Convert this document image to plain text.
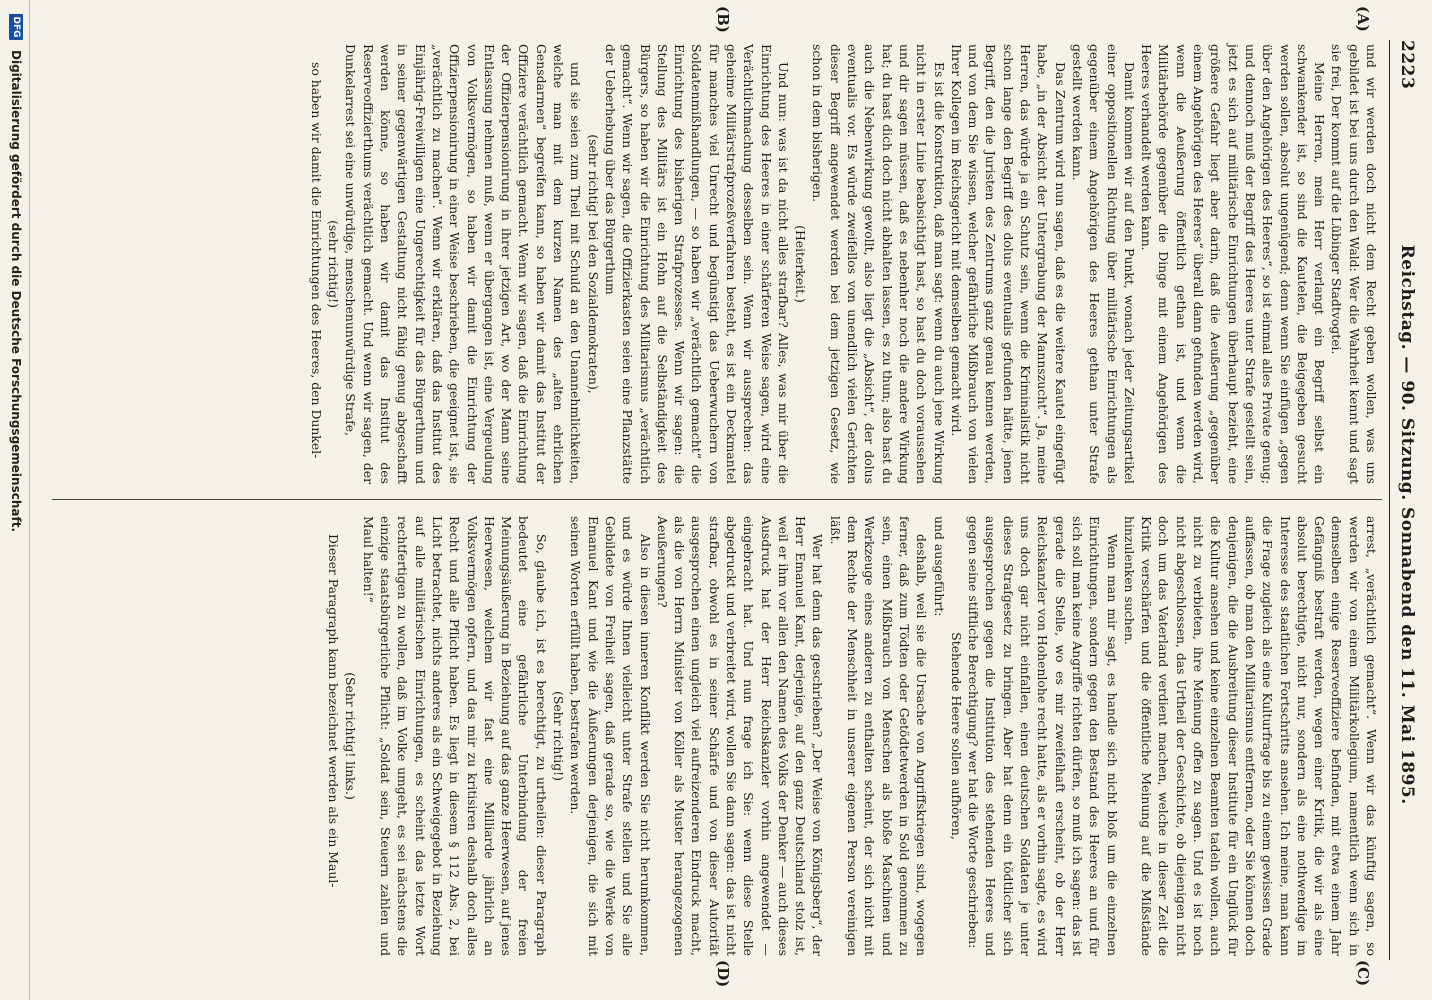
2223
Reichstag. — 90. Sitzung. Sonnabend den 11. Mai 1895.
(A)
(B)
(C)
(D)

und wir werden doch nicht dem Recht geben wollen, was uns gebildet ist bei uns durch den Wald: Wer die Wahrheit kennt und sagt sie frei, Der kommt auf die Lübinger Stadtvogtei.

Meine Herren, mein Herr verlangt ein Begriff selbst ein schwankender ist, so sind die Kautelen, die Beigegeben gesucht werden sollen, absolut ungenügend; denn wenn Sie einfügen „gegen über den Angehörigen des Heeres“, so ist einmal alles Private genug; und dennoch muß der Begriff des Heeres unter Strafe gestellt sein, jetzt es sich auf militärische Einrichtungen überhaupt bezieht, eine größere Gefahr liegt aber darin, daß die Aeußerung „gegenüber einem Angehörigen des Heeres“ überall dann gefunden werden wird, wenn die Aeußerung öffentlich gethan ist, und wenn die Militärbehörde gegenüber die Dinge mit einem Angehörigen des Heeres verhandelt werden kann.

Damit kommen wir auf den Punkt, wonach jeder Zeitungsartikel einer oppositionellen Richtung über militärische Einrichtungen als gegenüber einem Angehörigen des Heeres gethan unter Strafe gestellt werden kann.

Das Zentrum wird nun sagen, daß es die weitere Kautel eingefügt habe, „in der Absicht der Untergrabung der Mannszucht“. Ja, meine Herren, das würde ja ein Schutz sein, wenn die Kriminalistik nicht schon lange den Begriff des dolus eventualis gefunden hätte, jenen Begriff, den die Juristen des Zentrums ganz genau kennen werden, und von dem Sie wissen, welcher gefährliche Mißbrauch von vielen Ihrer Kollegen im Reichsgericht mit demselben gemacht wird.

Es ist die Konstruktion, daß man sagt: wenn du auch jene Wirkung nicht in erster Linie beabsichtigt hast, so hast du doch voraussehen und dir sagen müssen, daß es nebenher noch die andere Wirkung hat; du hast dich doch nicht abhalten lassen, es zu thun; also hast du auch die Nebenwirkung gewollt, also liegt die „Absicht“, der dolus eventualis vor. Es würde zweifellos von unendlich vielen Gerichten dieser Begriff angewendet werden bei dem jetzigen Gesetz, wie schon in dem bisherigen.

(Heiterkeit.)

Und nun: was ist da nicht alles strafbar? Alles, was mir über die Einrichtung des Heeres in einer schärferen Weise sagen, wird eine Verächtlichmachung desselben sein. Wenn wir aussprechen: das geheime Militärstrafprozeßverfahren besteht, es ist ein Deckmantel für manches viel Unrecht und begünstigt das Ueberwuchern von Soldatenmißhandlungen, — so haben wir „verächtlich gemacht“ die Einrichtung des bisherigen Strafprozesses. Wenn wir sagen: die Stellung des Militärs ist ein Hohn auf die Selbständigkeit des Bürgers, so haben wir die Einrichtung des Militarismus „verächtlich gemacht“. Wenn wir sagen, die Offizierkasten seien eine Pflanzstätte der Ueberhebung über das Bürgerthum

(sehr richtig! bei den Sozialdemokraten),

und sie seien zum Theil mit Schuld an den Unannehmlichkeiten, welche man mit dem kurzen Namen des „alten ehrlichen Gensdarmen“ begreifen kann, so haben wir damit das Institut der Offiziere verächtlich gemacht. Wenn wir sagen, daß die Einrichtung der Offizierpensionirung in ihrer jetzigen Art, wo der Mann seine Entlassung nehmen muß, wenn er übergangen ist, eine Vergeudung von Volksvermögen, so haben wir damit die Einrichtung der Offizierpensionirung in einer Weise beschrieben, die geeignet ist, sie „verächtlich zu machen“. Wenn wir erklären, daß das Institut des Einjährig-Freiwilligen eine Ungerechtigkeit für das Bürgerthum und in seiner gegenwärtigen Gestaltung nicht fähig genug abgeschafft werden könne, so haben wir damit das Institut des Reserveoffizierthums verächtlich gemacht. Und wenn wir sagen, der Dunkelarrest sei eine unwürdige, menschenunwürdige Strafe,

(sehr richtig!)

so haben wir damit die Einrichtungen des Heeres, den Dunkel-

arrest, „verächtlich gemacht“. Wenn wir das künftig sagen, so werden wir von einem Militärkollegium, namentlich wenn sich in demselben einige Reserveoffiziere befinden, mit etwa einem Jahr Gefängniß bestraft werden, wegen einer Kritik, die wir als eine absolut berechtigte, nicht nur, sondern als eine nothwendige im Interesse des staatlichen Fortschritts ansehen. Ich meine, man kann die Frage zugleich als eine Kulturfrage bis zu einem gewissen Grade auffassen, ob man den Militarismus entfernen, oder Sie können doch denjenigen, die die Ausbreitung dieser Institute für ein Unglück für die Kultur ansehen und keine einzelnen Beamten tadeln wollen, auch nicht zu verbieten, ihre Meinung offen zu sagen. Und es ist noch nicht abgeschlossen, das Urtheil der Geschichte, ob diejenigen nicht doch um das Vaterland verdient machen, welche in dieser Zeit die Kritik verschärfen und die öffentliche Meinung auf die Mißstände hinzulenken suchen.

Wenn man mir sagt, es handle sich nicht bloß um die einzelnen Einrichtungen, sondern gegen den Bestand des Heeres an und für sich soll man keine Angriffe richten dürfen, so muß ich sagen: das ist gerade die Stelle, wo es mir zweifelhaft erscheint, ob der Herr Reichskanzler von Hohenlohe recht hatte, als er vorhin sagte, es wird uns doch gar nicht einfallen, einen deutschen Soldaten je unter dieses Strafgesetz zu bringen. Aber hat denn ein tödtlicher sich ausgesprochen gegen die Institution des stehenden Heeres und gegen seine stiftliche Berechtigung? wer hat die Worte geschrieben:

Stehende Heere sollen aufhören,

und ausgeführt:

deshalb, weil sie die Ursache von Angriffskriegen sind, wogegen ferner, daß zum Tödten oder Getödtetwerden in Sold genommen zu sein, einen Mißbrauch von Menschen als bloße Maschinen und Werkzeuge eines anderen zu enthalten scheint, der sich nicht mit dem Rechte der Menschheit in unserer eigenen Person vereinigen läßt.

Wer hat denn das geschrieben? „Der Weise von Königsberg“, der Herr Emanuel Kant, derjenige, auf den ganz Deutschland stolz ist, weil er ihm vor allen den Namen des Volks der Denker — auch dieses Ausdruck hat der Herr Reichskanzler vorhin angewendet — eingebracht hat. Und nun frage ich Sie: wenn diese Stelle abgedruckt und verbreitet wird, wollen Sie dann sagen: das ist nicht strafbar, obwohl es in seiner Schärfe und von dieser Autorität ausgesprochen einen ungleich viel aufreizenderen Eindruck macht, als die von Herrn Minister von Köller als Muster herangezogenen Aeußerungen?

Also in diesen inneren Konflikt werden Sie nicht herumkommen, und es würde Ihnen vielleicht unter Strafe stellen und Sie alle Gebildete von Freiheit sagen, daß gerade so, wie die Werke von Emanuel Kant und wie die Äußerungen derjenigen, die sich mit seinen Worten erfüllt haben, bestrafen werden.

(Sehr richtig!)

So, glaube ich, ist es berechtigt, zu urtheilen: dieser Paragraph bedeutet eine gefährliche Unterbindung der freien Meinungsäußerung in Beziehung auf das ganze Heerwesen, auf jenes Heerwesen, welchem wir fast eine Milliarde jährlich an Volksvermögen opfern, und das mir zu kritisiren deshalb doch alles Recht und alle Pflicht haben. Es liegt in diesem § 112 Abs. 2, bei Licht betrachtet, nichts anderes als ein Schweigegebot in Beziehung auf alle militärischen Einrichtungen, es scheint das letzte Wort rechtfertigen zu wollen, daß im Volke umgeht, es sei nächstens die einzige staatsbürgerliche Pflicht: „Soldat sein, Steuern zahlen und Maul halten!“

(Sehr richtig! links.)

Dieser Paragraph kann bezeichnet werden als ein Maul-

DFG
Digitalisierung gefördert durch die Deutsche Forschungsgemeinschaft.
